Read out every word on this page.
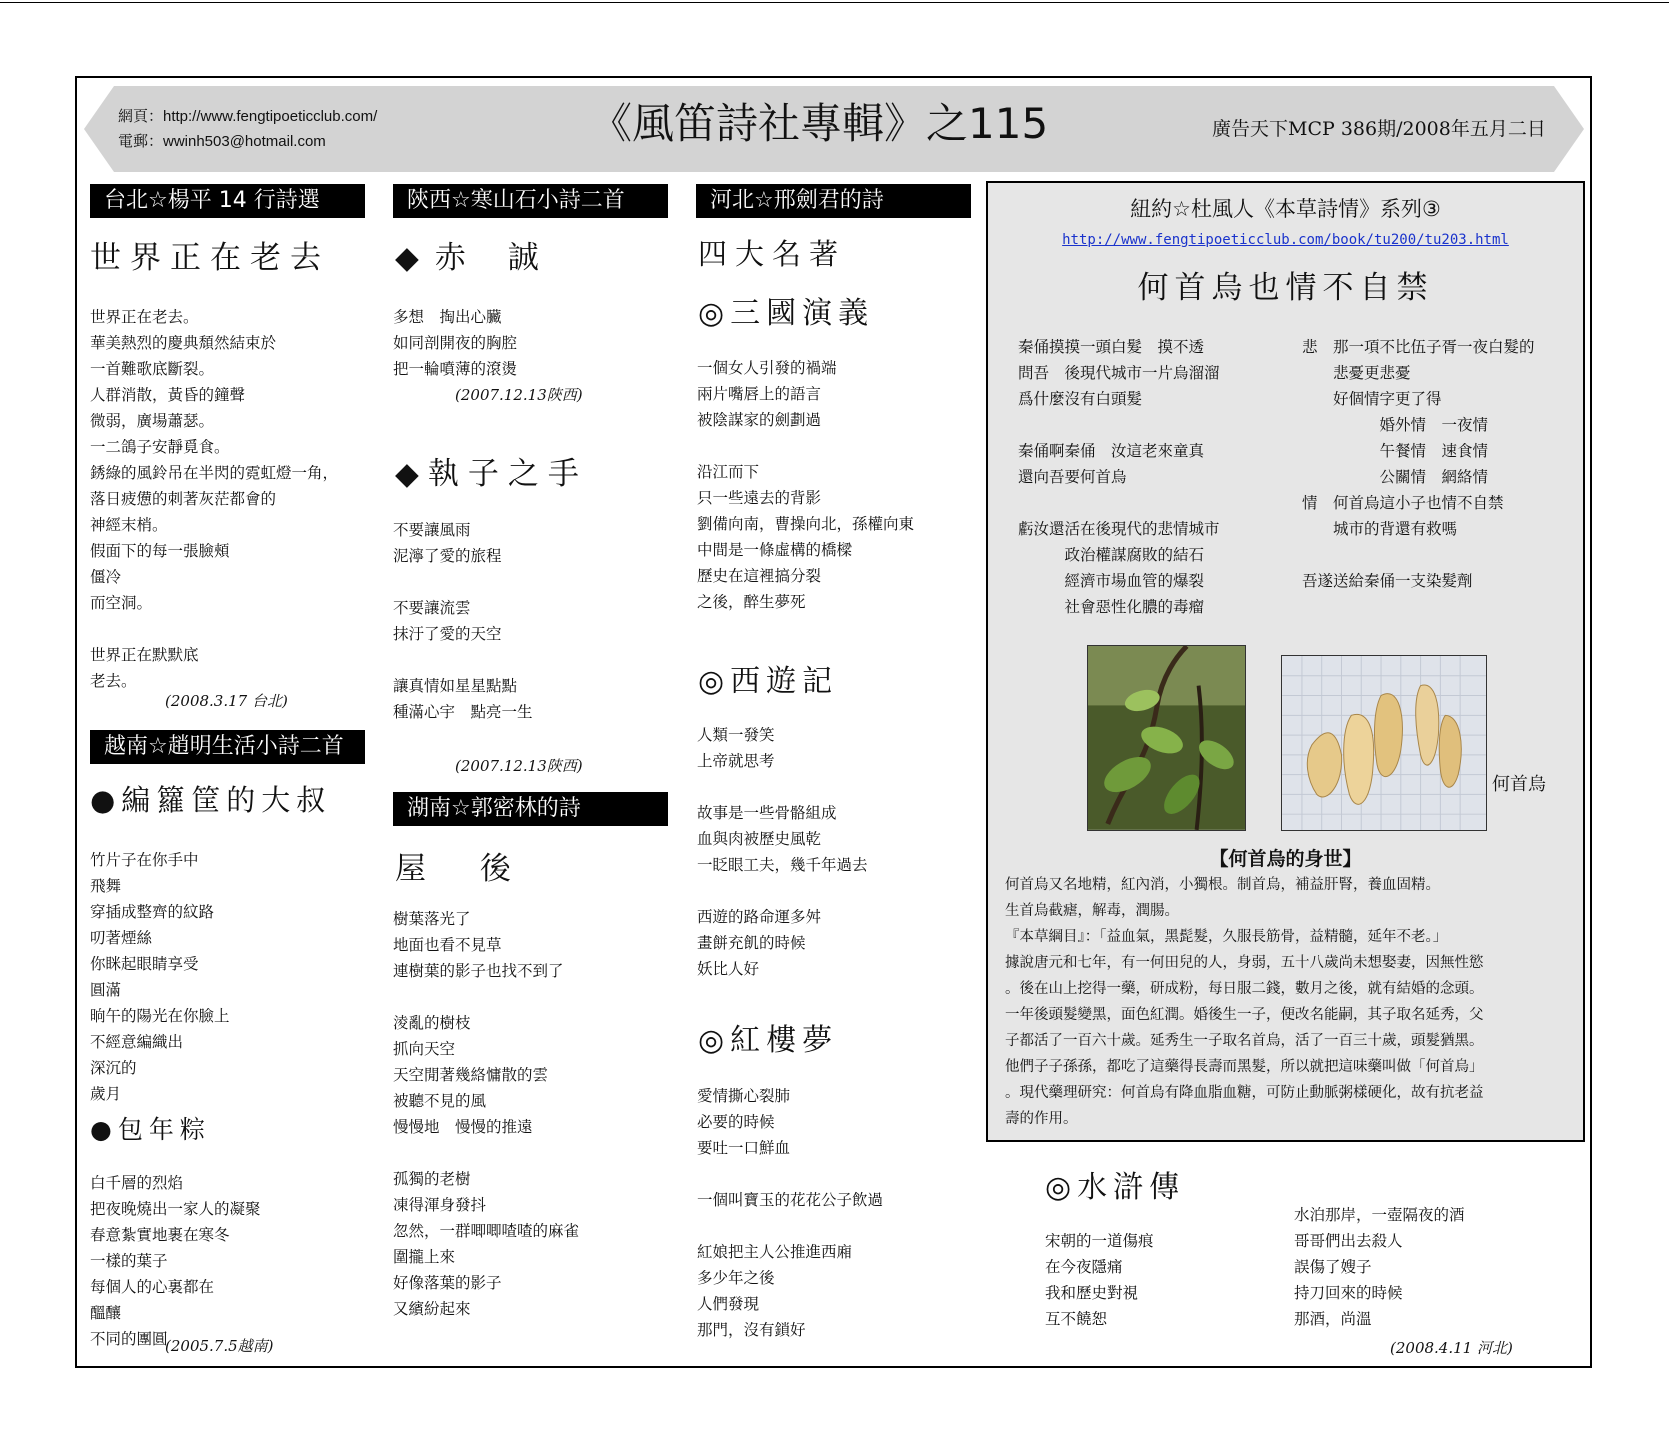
網頁：http://www.fengtipoeticclub.com/
電郵：wwinh503@hotmail.com	《風笛詩社專輯》之115	廣告天下MCP 386期/2008年五月二日
台北☆楊平 14 行詩選
世界正在老去
世界正在老去。
華美熱烈的慶典頹然結束於
一首難歌底斷裂。
人群消散，黃昏的鐘聲
微弱，廣場蕭瑟。
一二鴿子安靜覓食。
銹綠的風鈴吊在半閃的霓虹燈一角，
落日疲憊的刺著灰茫都會的
神經末梢。
假面下的每一張臉頰
僵冷
而空洞。
世界正在默默底
老去。
(2008.3.17 台北)
越南☆趙明生活小詩二首
●編籮筐的大叔
竹片子在你手中
飛舞
穿插成整齊的紋路
叨著煙絲
你眯起眼睛享受
圓滿
晌午的陽光在你臉上
不經意編織出
深沉的
歲月
●包年粽
白千層的烈焰
把夜晚燒出一家人的凝聚
春意紮實地裹在寒冬
一樣的葉子
每個人的心裏都在
醞釀
不同的團圓
(2005.7.5越南)
陝西☆寒山石小詩二首
◆赤 誠
多想　掏出心臟
如同剖開夜的胸腔
把一輪噴薄的滾燙
(2007.12.13陝西)
◆執子之手
不要讓風雨
泥濘了愛的旅程
不要讓流雲
抹汙了愛的天空
讓真情如星星點點
種滿心宇　點亮一生
(2007.12.13陝西)
湖南☆郭密林的詩
屋 後
樹葉落光了
地面也看不見草
連樹葉的影子也找不到了
淩亂的樹枝
抓向天空
天空閒著幾絡慵散的雲
被聽不見的風
慢慢地　慢慢的推遠
孤獨的老樹
凍得渾身發抖
忽然，一群唧唧喳喳的麻雀
圍攏上來
好像落葉的影子
又繽紛起來
河北☆邢劍君的詩
四大名著
◎三國演義
一個女人引發的禍端
兩片嘴唇上的語言
被陰謀家的劍劃過
沿江而下
只一些遠去的背影
劉備向南，曹操向北，孫權向東
中間是一條虛構的橋樑
歷史在這裡搞分裂
之後，醉生夢死
◎西遊記
人類一發笑
上帝就思考
故事是一些骨骼組成
血與肉被歷史風乾
一眨眼工夫，幾千年過去
西遊的路命運多舛
畫餅充飢的時候
妖比人好
◎紅樓夢
愛情撕心裂肺
必要的時候
要吐一口鮮血
一個叫寶玉的花花公子飲過
紅娘把主人公推進西廂
多少年之後
人們發現
那門，沒有鎖好
紐約☆杜風人《本草詩情》系列③
http://www.fengtipoeticclub.com/book/tu200/tu203.html
何首烏也情不自禁
秦俑摸摸一頭白髮　摸不透
問吾　後現代城市一片烏溜溜
爲什麼沒有白頭髮
秦俑啊秦俑　汝這老來童真
還向吾要何首烏
虧汝還活在後現代的悲情城市
　　　政治權謀腐敗的結石
　　　經濟市場血管的爆裂
　　　社會惡性化膿的毒瘤
悲　那一項不比伍子胥一夜白髮的
　　悲憂更悲憂
　　好個情字更了得
　　　　　婚外情　一夜情
　　　　　午餐情　速食情
　　　　　公關情　網絡情
情　何首烏這小子也情不自禁
　　城市的背還有救嗎
吾遂送給秦俑一支染髮劑
何首烏
【何首烏的身世】
何首烏又名地精，紅內消，小獨根。制首烏，補益肝腎，養血固精。
生首烏截瘧，解毒，潤腸。
『本草綱目』：「益血氣，黑髭髮，久服長筋骨，益精髓，延年不老。」
據說唐元和七年，有一何田兒的人，身弱，五十八歲尚未想娶妻，因無性慾
。後在山上挖得一藥，研成粉，每日服二錢，數月之後，就有結婚的念頭。
一年後頭髮變黑，面色紅潤。婚後生一子，便改名能嗣，其子取名延秀，父
子都活了一百六十歲。延秀生一子取名首烏，活了一百三十歲，頭髮猶黑。
他們子子孫孫，都吃了這藥得長壽而黑髮，所以就把這味藥叫做「何首烏」
。現代藥理研究：何首烏有降血脂血糖，可防止動脈粥樣硬化，故有抗老益
壽的作用。
◎水滸傳
宋朝的一道傷痕
在今夜隱痛
我和歷史對視
互不饒恕
水泊那岸，一壺隔夜的酒
哥哥們出去殺人
誤傷了嫂子
持刀回來的時候
那酒，尚溫
(2008.4.11 河北)
